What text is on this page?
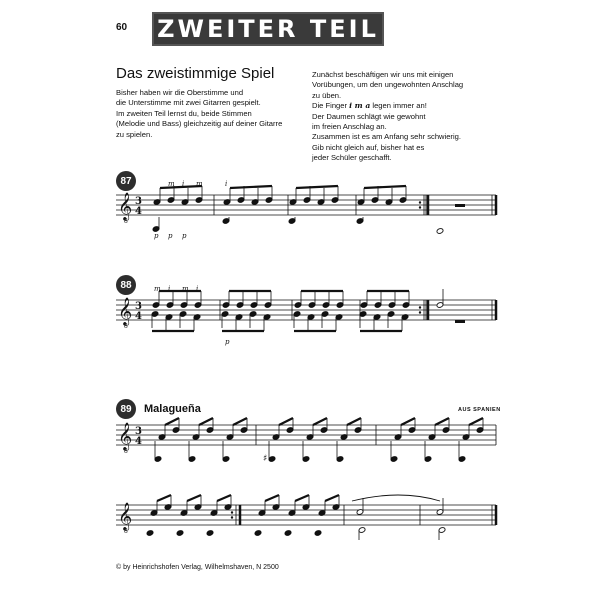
60 ZWEITER TEIL
Das zweistimmige Spiel

Bisher haben wir die Oberstimme und

die Unterstimme mit zwei Gitarren gespielt.

Im zweiten Teil lernst du, beide Stimmen

(Melodie und Bass) gleichzeitig auf deiner Gitarre

zu spielen.

Zunächst beschäftigen wir uns mit einigen

Vorübungen, um den ungewohnten Anschlag

zu üben.

Die Finger i m a legen immer an!

Der Daumen schlägt wie gewohnt

im freien Anschlag an.

Zusammen ist es am Anfang sehr schwierig.

Gib nicht gleich auf, bisher hat es

jeder Schüler geschafft.

87
88
89	Malagueña	AUS SPANIEN
𝄞
8
3
4
m i m
p p p
i
𝄞
8
3
4
m i m i
p
𝄞
8
3
4
♯
𝄞
8
© by Heinrichshofen Verlag, Wilhelmshaven, N 2500
